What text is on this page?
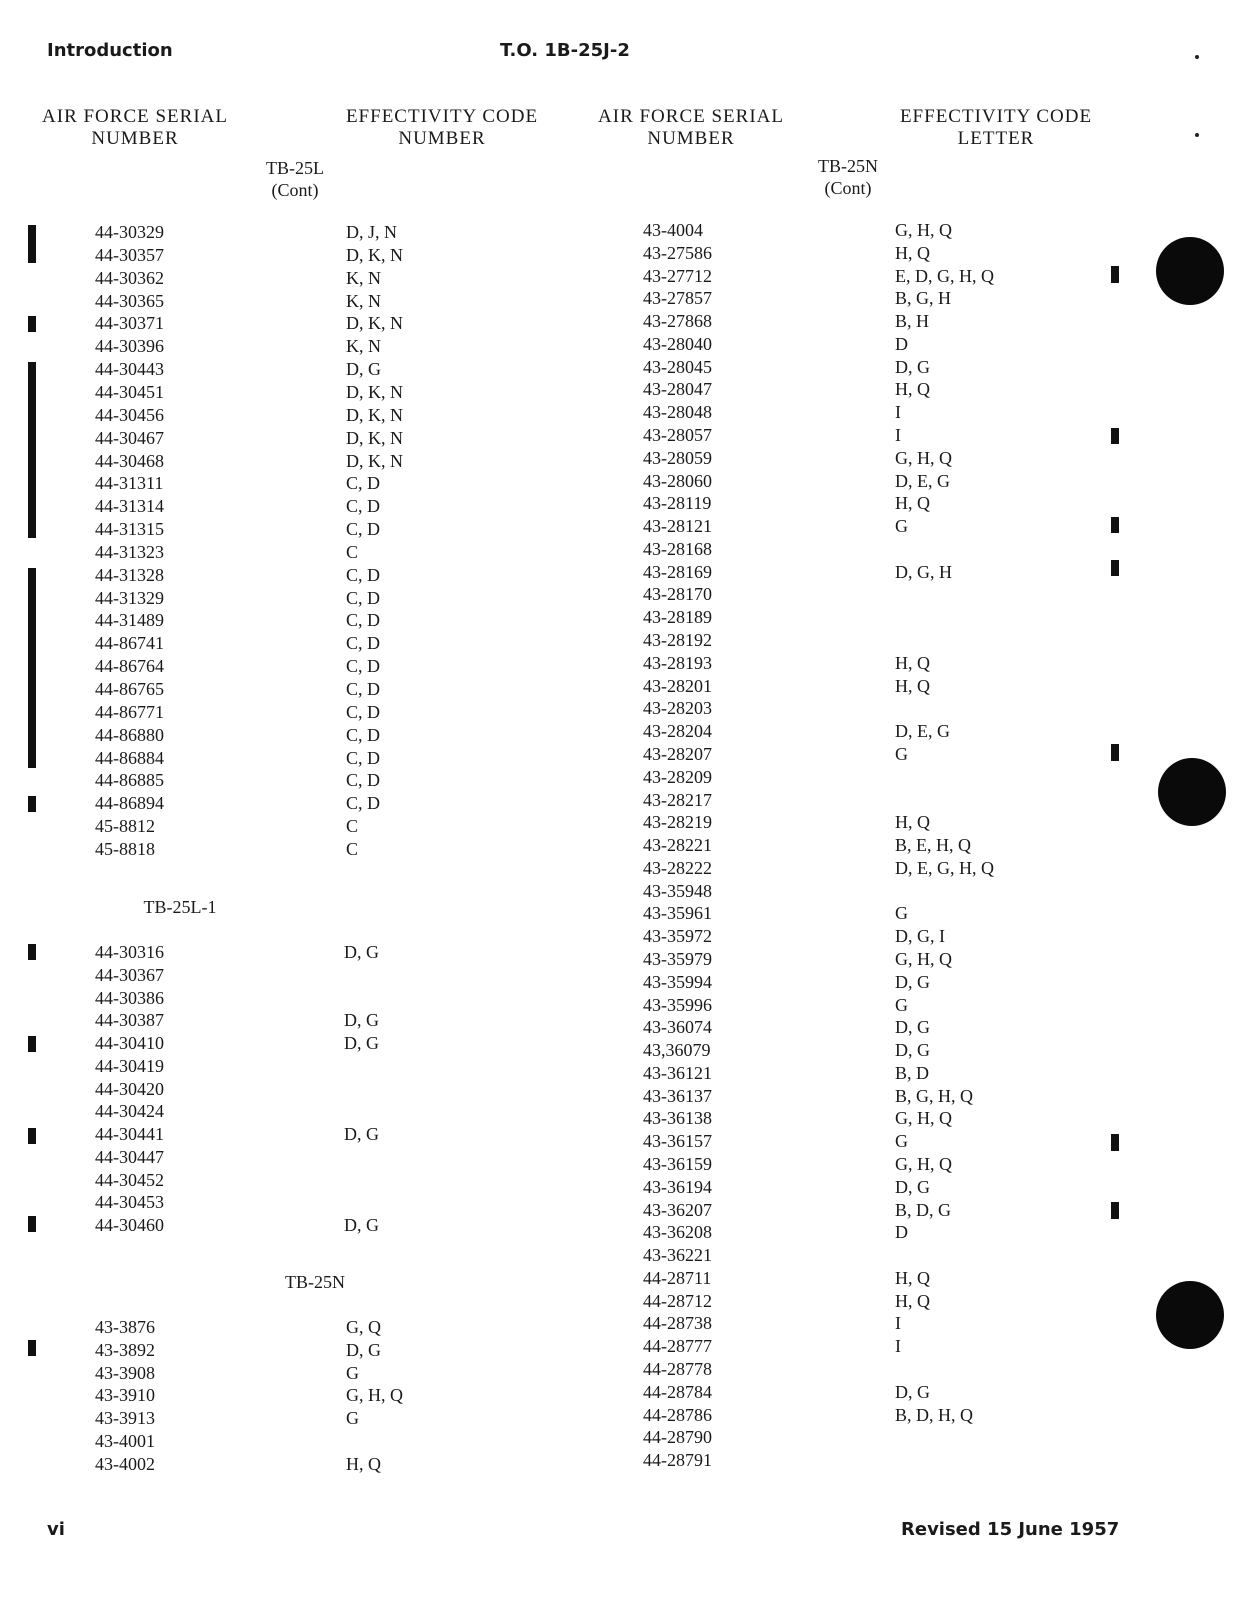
Introduction	T.O. 1B-25J-2
AIR FORCE SERIAL
NUMBER
EFFECTIVITY CODE
NUMBER
AIR FORCE SERIAL
NUMBER
EFFECTIVITY CODE
LETTER
TB-25L
(Cont)
TB-25N
(Cont)
TB-25L-1
TB-25N
44-30329	D, J, N
44-30357	D, K, N
44-30362	K, N
44-30365	K, N
44-30371	D, K, N
44-30396	K, N
44-30443	D, G
44-30451	D, K, N
44-30456	D, K, N
44-30467	D, K, N
44-30468	D, K, N
44-31311	C, D
44-31314	C, D
44-31315	C, D
44-31323	C
44-31328	C, D
44-31329	C, D
44-31489	C, D
44-86741	C, D
44-86764	C, D
44-86765	C, D
44-86771	C, D
44-86880	C, D
44-86884	C, D
44-86885	C, D
44-86894	C, D
45-8812	C
45-8818	C
44-30316	D, G
44-30367
44-30386
44-30387	D, G
44-30410	D, G
44-30419
44-30420
44-30424
44-30441	D, G
44-30447
44-30452
44-30453
44-30460	D, G
43-3876	G, Q
43-3892	D, G
43-3908	G
43-3910	G, H, Q
43-3913	G
43-4001
43-4002	H, Q
43-4004	G, H, Q
43-27586	H, Q
43-27712	E, D, G, H, Q
43-27857	B, G, H
43-27868	B, H
43-28040	D
43-28045	D, G
43-28047	H, Q
43-28048	I
43-28057	I
43-28059	G, H, Q
43-28060	D, E, G
43-28119	H, Q
43-28121	G
43-28168
43-28169	D, G, H
43-28170
43-28189
43-28192
43-28193	H, Q
43-28201	H, Q
43-28203
43-28204	D, E, G
43-28207	G
43-28209
43-28217
43-28219	H, Q
43-28221	B, E, H, Q
43-28222	D, E, G, H, Q
43-35948
43-35961	G
43-35972	D, G, I
43-35979	G, H, Q
43-35994	D, G
43-35996	G
43-36074	D, G
43,36079	D, G
43-36121	B, D
43-36137	B, G, H, Q
43-36138	G, H, Q
43-36157	G
43-36159	G, H, Q
43-36194	D, G
43-36207	B, D, G
43-36208	D
43-36221
44-28711	H, Q
44-28712	H, Q
44-28738	I
44-28777	I
44-28778
44-28784	D, G
44-28786	B, D, H, Q
44-28790
44-28791
vi	Revised 15 June 1957
